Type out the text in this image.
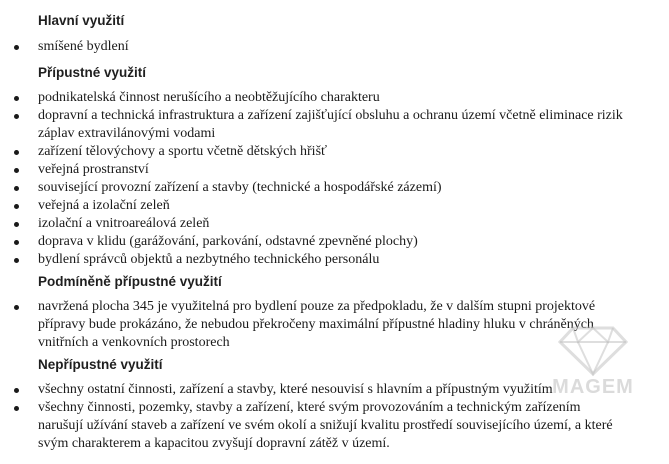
Hlavní využití
smíšené bydlení
Přípustné využití
podnikatelská činnost nerušícího a neobtěžujícího charakteru
dopravní a technická infrastruktura a zařízení zajišťující obsluhu a ochranu území včetně eliminace rizik záplav extravilánovými vodami
zařízení tělovýchovy a sportu včetně dětských hřišť
veřejná prostranství
související provozní zařízení a stavby (technické a hospodářské zázemí)
veřejná a izolační zeleň
izolační a vnitroareálová zeleň
doprava v klidu (garážování, parkování, odstavné zpevněné plochy)
bydlení správců objektů a nezbytného technického personálu
Podmíněně přípustné využití
navržená plocha 345 je využitelná pro bydlení pouze za předpokladu, že v dalším stupni projektové přípravy bude prokázáno, že nebudou překročeny maximální přípustné hladiny hluku v chráněných vnitřních a venkovních prostorech
Nepřípustné využití
všechny ostatní činnosti, zařízení a stavby, které nesouvisí s hlavním a přípustným využitím
všechny činnosti, pozemky, stavby a zařízení, které svým provozováním a technickým zařízením narušují užívání staveb a zařízení ve svém okolí a snižují kvalitu prostředí souvisejícího území, a které svým charakterem a kapacitou zvyšují dopravní zátěž v území.
MAGEM
